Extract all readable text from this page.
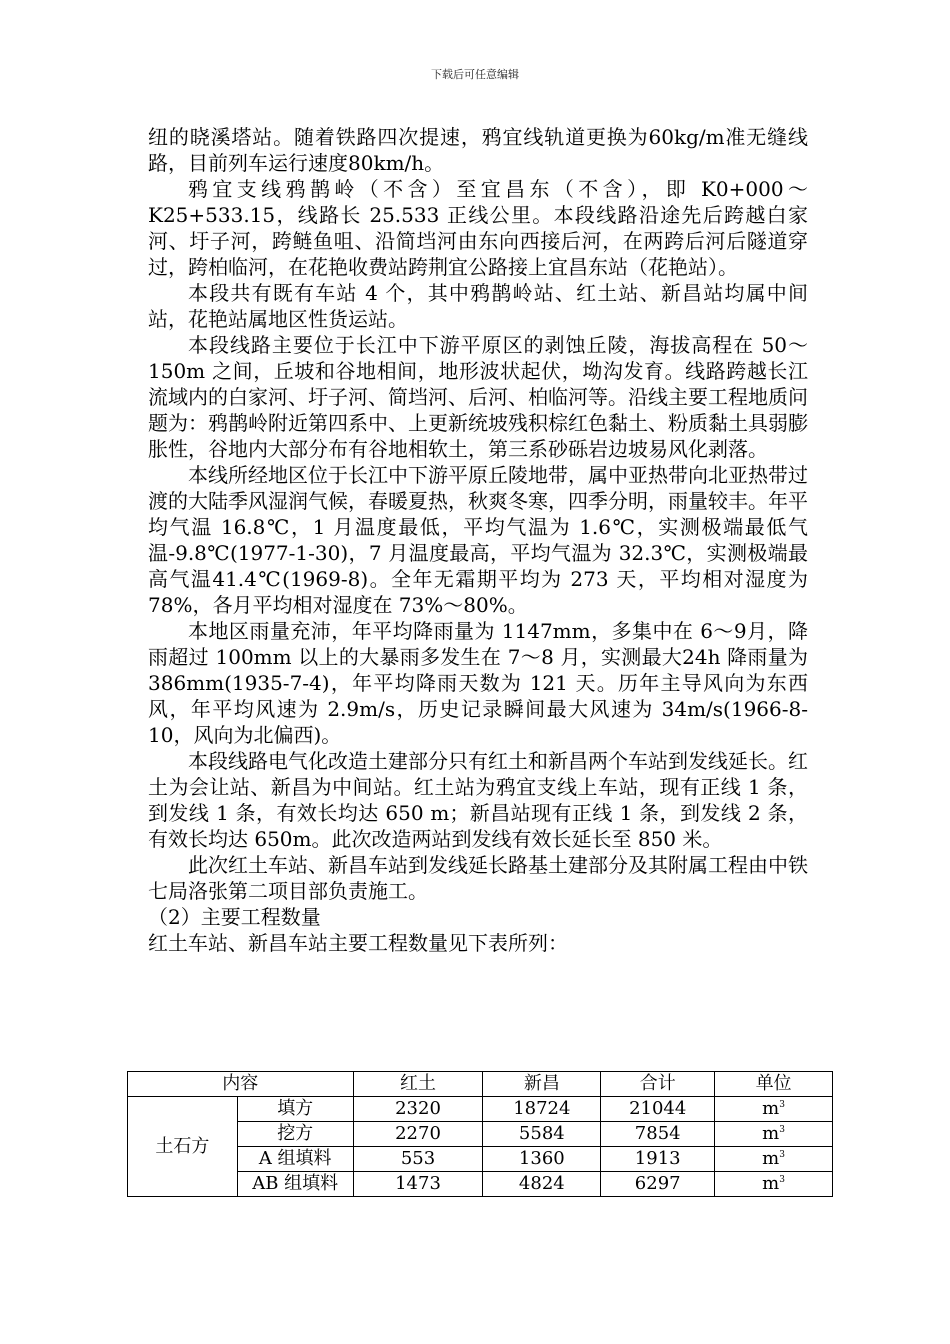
下载后可任意编辑

纽的晓溪塔站。随着铁路四次提速，鸦宜线轨道更换为60kg/m准无缝线路，目前列车运行速度80km/h。

鸦宜支线鸦鹊岭（不含）至宜昌东（不含），即 K0+000～K25+533.15，线路长 25.533 正线公里。本段线路沿途先后跨越白家河、圩子河，跨鲢鱼咀、沿简垱河由东向西接后河，在两跨后河后隧道穿过，跨柏临河，在花艳收费站跨荆宜公路接上宜昌东站（花艳站）。

本段共有既有车站 4 个，其中鸦鹊岭站、红土站、新昌站均属中间站，花艳站属地区性货运站。

本段线路主要位于长江中下游平原区的剥蚀丘陵，海拔高程在 50～150m 之间，丘坡和谷地相间，地形波状起伏，坳沟发育。线路跨越长江流域内的白家河、圩子河、简垱河、后河、柏临河等。沿线主要工程地质问题为：鸦鹊岭附近第四系中、上更新统坡残积棕红色黏土、粉质黏土具弱膨胀性，谷地内大部分布有谷地相软土，第三系砂砾岩边坡易风化剥落。

本线所经地区位于长江中下游平原丘陵地带，属中亚热带向北亚热带过渡的大陆季风湿润气候，春暖夏热，秋爽冬寒，四季分明，雨量较丰。年平均气温 16.8℃，1 月温度最低，平均气温为 1.6℃，实测极端最低气温-9.8℃(1977-1-30)，7 月温度最高，平均气温为 32.3℃，实测极端最高气温41.4℃(1969-8)。全年无霜期平均为 273 天，平均相对湿度为78%，各月平均相对湿度在 73%～80%。

本地区雨量充沛，年平均降雨量为 1147mm，多集中在 6～9月，降雨超过 100mm 以上的大暴雨多发生在 7～8 月，实测最大24h 降雨量为 386mm(1935-7-4)，年平均降雨天数为 121 天。历年主导风向为东西风，年平均风速为 2.9m/s，历史记录瞬间最大风速为 34m/s(1966-8-10，风向为北偏西)。

本段线路电气化改造土建部分只有红土和新昌两个车站到发线延长。红土为会让站、新昌为中间站。红土站为鸦宜支线上车站，现有正线 1 条，到发线 1 条，有效长均达 650 m；新昌站现有正线 1 条，到发线 2 条，有效长均达 650m。此次改造两站到发线有效长延长至 850 米。

此次红土车站、新昌车站到发线延长路基土建部分及其附属工程由中铁七局洛张第二项目部负责施工。

（2）主要工程数量

红土车站、新昌车站主要工程数量见下表所列：

内容		红土	新昌	合计	单位
土石方	填方	2320	18724	21044	$m^3$
	挖方	2270	5584	7854	$m^3$
	A 组填料	553	1360	1913	$m^3$
	AB 组填料	1473	4824	6297	$m^3$
